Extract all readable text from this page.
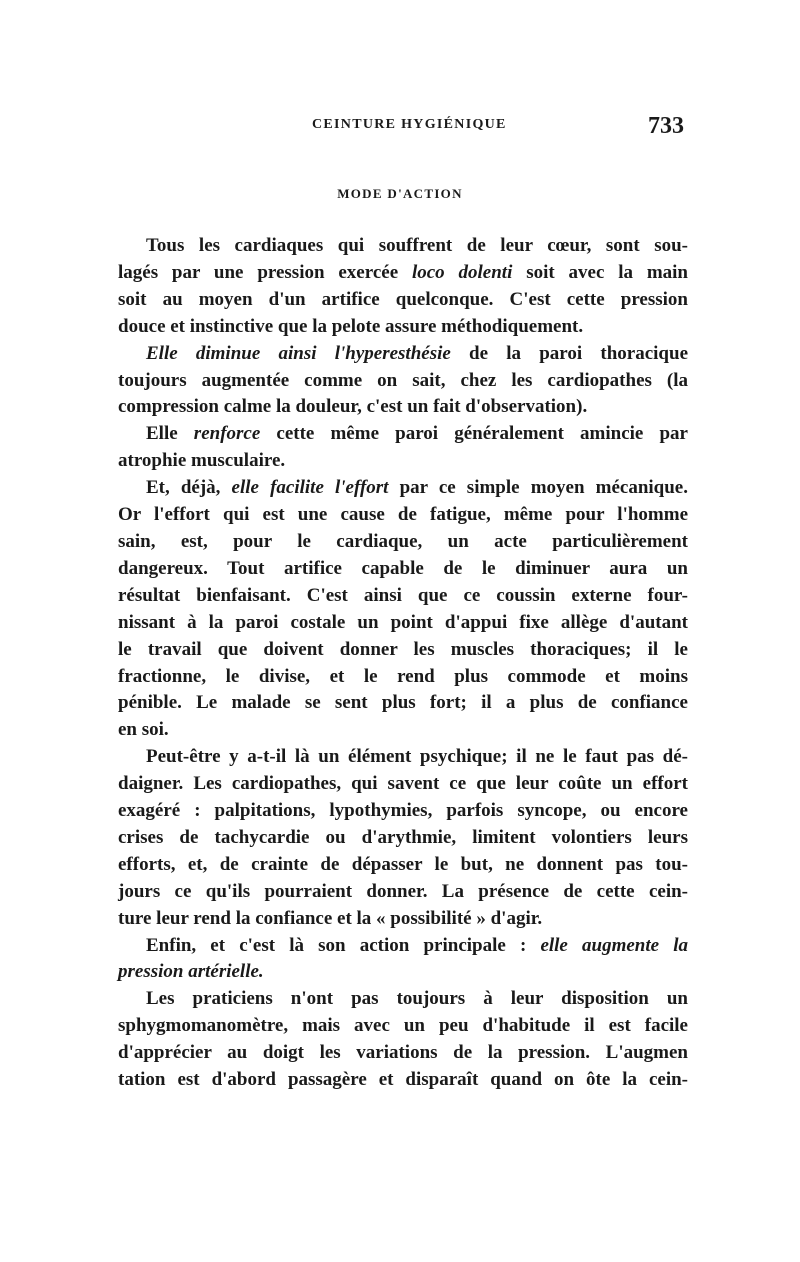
CEINTURE HYGIÉNIQUE	733
MODE D'ACTION
Tous les cardiaques qui souffrent de leur cœur, sont sou-
lagés par une pression exercée loco dolenti soit avec la main
soit au moyen d'un artifice quelconque. C'est cette pression
douce et instinctive que la pelote assure méthodiquement.
Elle diminue ainsi l'hyperesthésie de la paroi thoracique
toujours augmentée comme on sait, chez les cardiopathes (la
compression calme la douleur, c'est un fait d'observation).
Elle renforce cette même paroi généralement amincie par
atrophie musculaire.
Et, déjà, elle facilite l'effort par ce simple moyen mécanique.
Or l'effort qui est une cause de fatigue, même pour l'homme
sain, est, pour le cardiaque, un acte particulièrement
dangereux. Tout artifice capable de le diminuer aura un
résultat bienfaisant. C'est ainsi que ce coussin externe four-
nissant à la paroi costale un point d'appui fixe allège d'autant
le travail que doivent donner les muscles thoraciques; il le
fractionne, le divise, et le rend plus commode et moins
pénible. Le malade se sent plus fort; il a plus de confiance
en soi.
Peut-être y a-t-il là un élément psychique; il ne le faut pas dé-
daigner. Les cardiopathes, qui savent ce que leur coûte un effort
exagéré : palpitations, lypothymies, parfois syncope, ou encore
crises de tachycardie ou d'arythmie, limitent volontiers leurs
efforts, et, de crainte de dépasser le but, ne donnent pas tou-
jours ce qu'ils pourraient donner. La présence de cette cein-
ture leur rend la confiance et la « possibilité » d'agir.
Enfin, et c'est là son action principale : elle augmente la
pression artérielle.
Les praticiens n'ont pas toujours à leur disposition un
sphygmomanomètre, mais avec un peu d'habitude il est facile
d'apprécier au doigt les variations de la pression. L'augmen
tation est d'abord passagère et disparaît quand on ôte la cein-
